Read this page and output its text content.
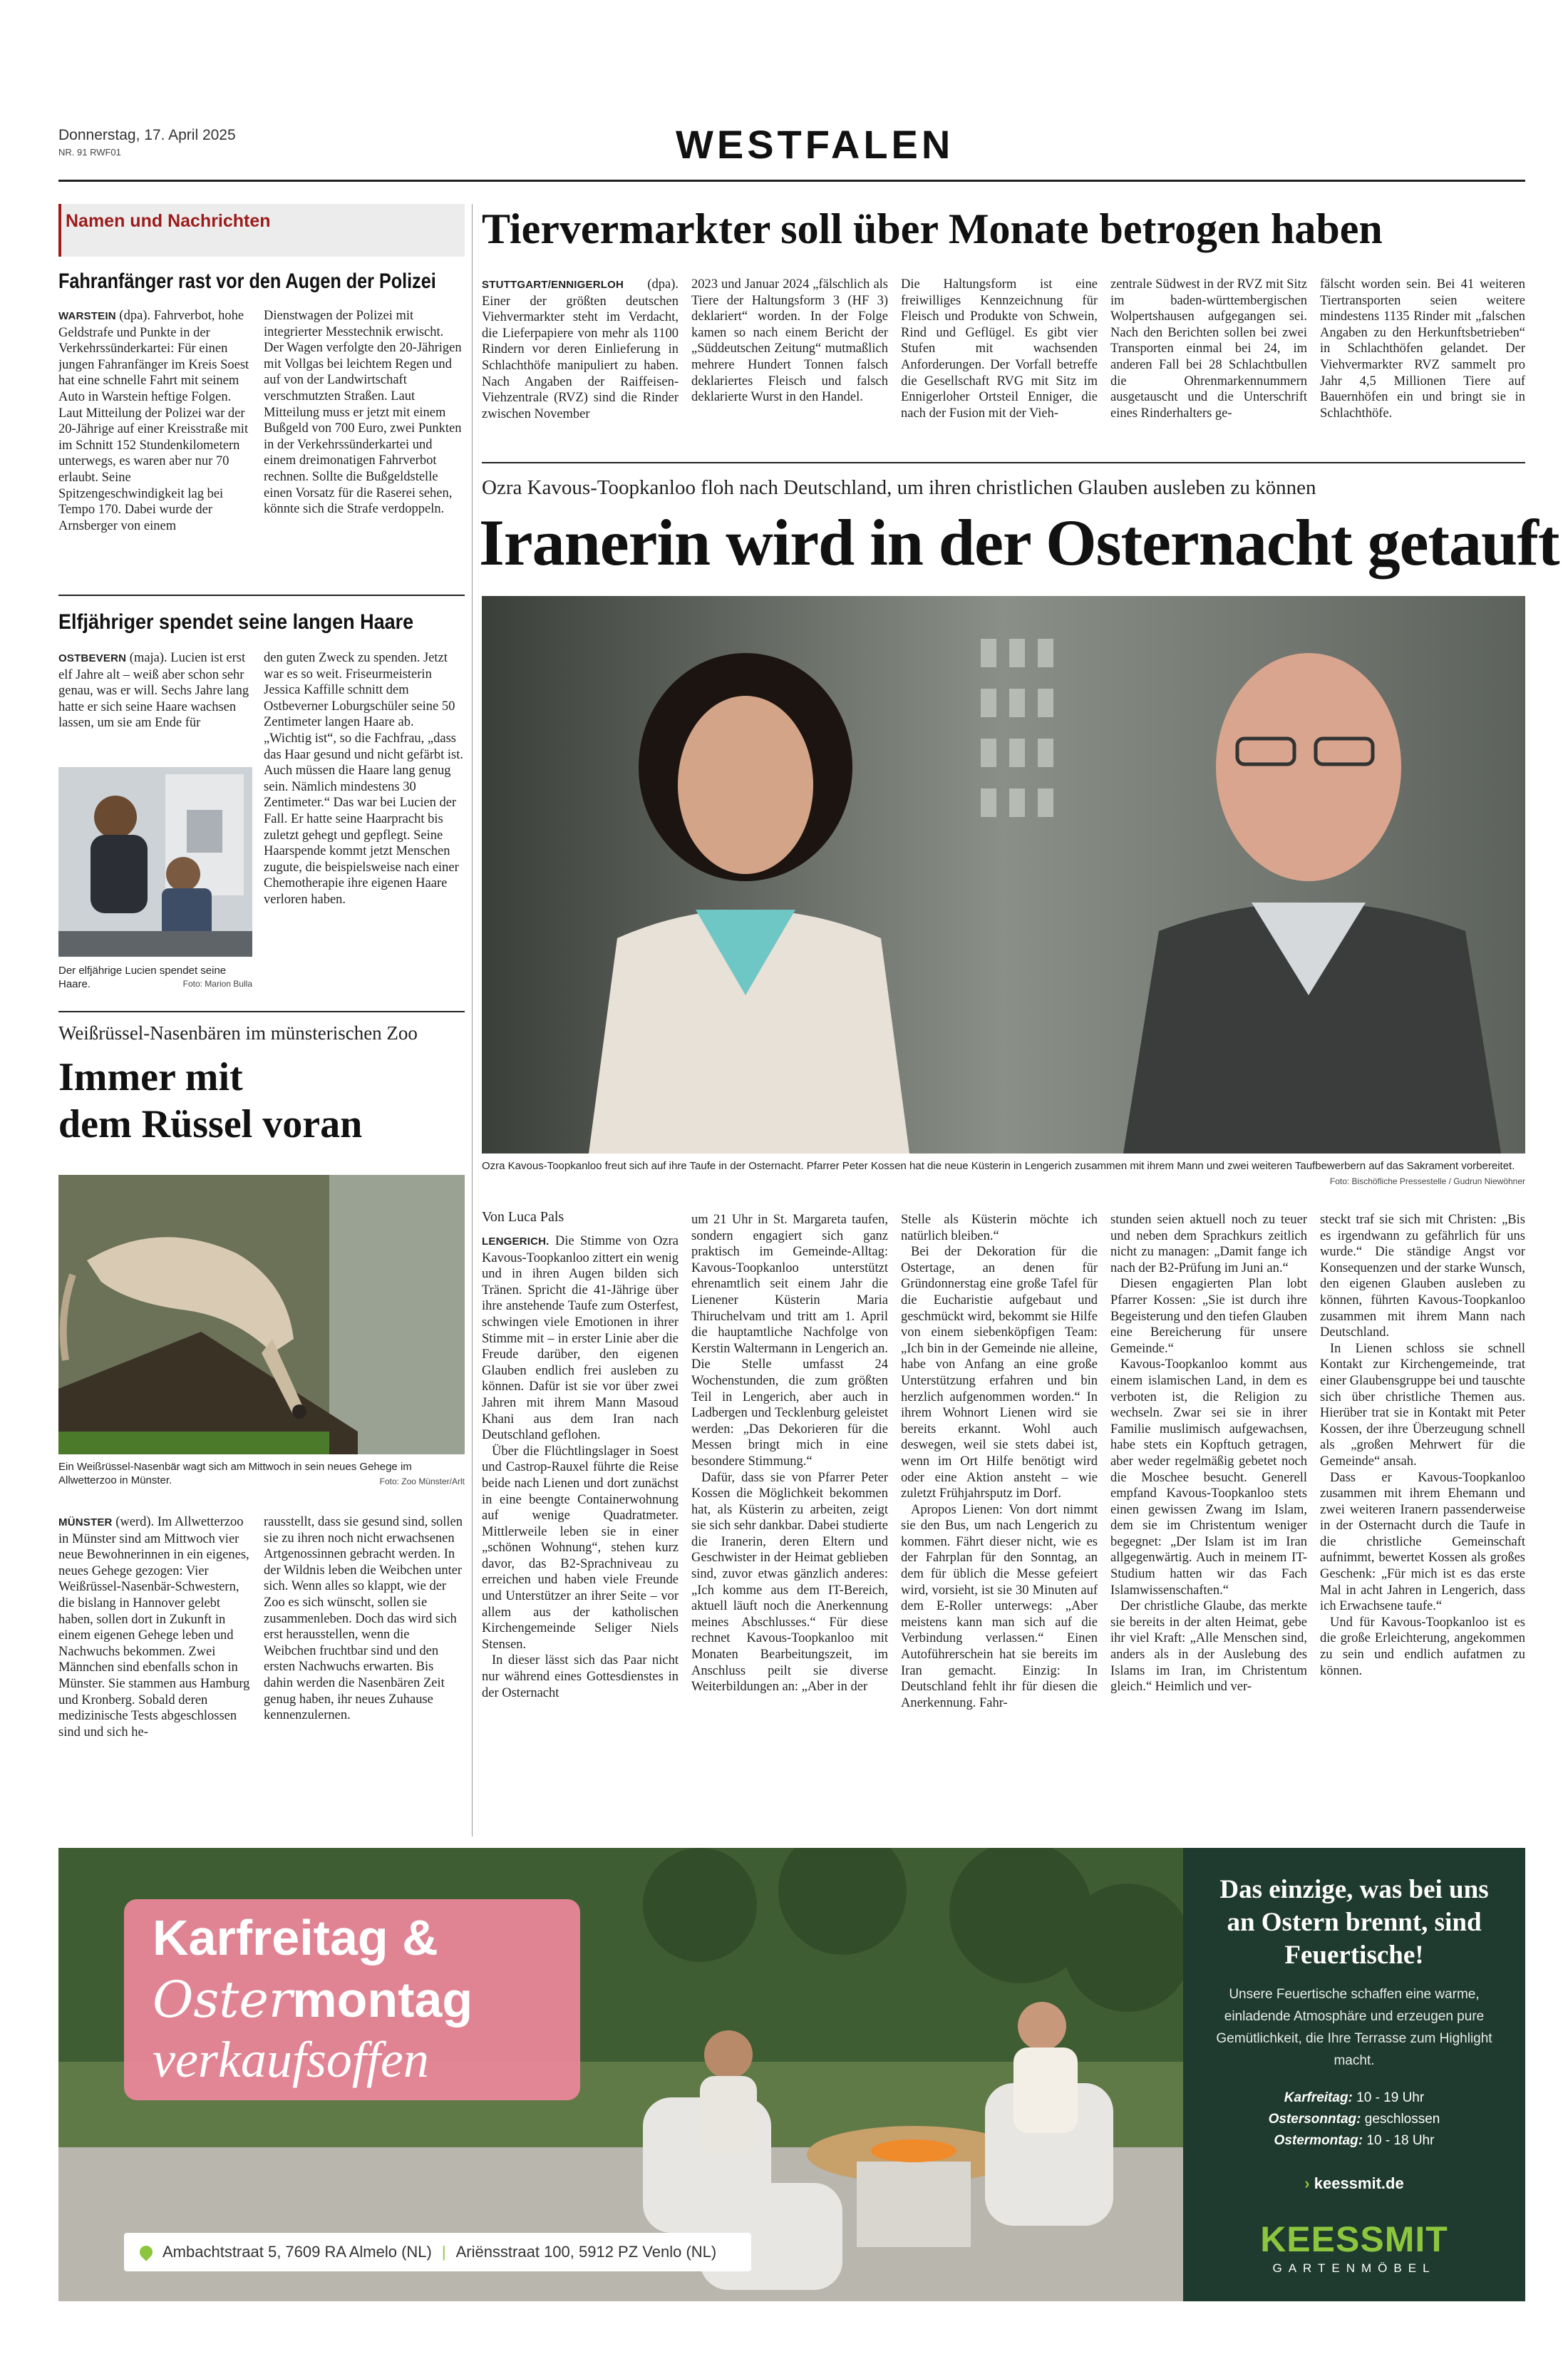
Donnerstag, 17. April 2025
NR. 91 RWF01	WESTFALEN
Namen und Nachrichten
Fahranfänger rast vor den Augen der Polizei
WARSTEIN (dpa). Fahrverbot, hohe Geldstrafe und Punkte in der Verkehrssünderkartei: Für einen jungen Fahranfänger im Kreis Soest hat eine schnelle Fahrt mit seinem Auto in Warstein heftige Folgen. Laut Mitteilung der Polizei war der 20-Jährige auf einer Kreisstraße mit im Schnitt 152 Stundenkilometern unterwegs, es waren aber nur 70 erlaubt. Seine Spitzengeschwindigkeit lag bei Tempo 170. Dabei wurde der Arnsberger von einem
Dienstwagen der Polizei mit integrierter Messtechnik erwischt. Der Wagen verfolgte den 20-Jährigen mit Vollgas bei leichtem Regen und auf von der Landwirtschaft verschmutzten Straßen. Laut Mitteilung muss er jetzt mit einem Bußgeld von 700 Euro, zwei Punkten in der Verkehrssünderkartei und einem dreimonatigen Fahrverbot rechnen. Sollte die Bußgeldstelle einen Vorsatz für die Raserei sehen, könnte sich die Strafe verdoppeln.
Elfjähriger spendet seine langen Haare
OSTBEVERN (maja). Lucien ist erst elf Jahre alt – weiß aber schon sehr genau, was er will. Sechs Jahre lang hatte er sich seine Haare wachsen lassen, um sie am Ende für
Der elfjährige Lucien spendet seine Haare.	Foto: Marion Bulla
den guten Zweck zu spenden. Jetzt war es so weit. Friseurmeisterin Jessica Kaffille schnitt dem Ostbeverner Loburgschüler seine 50 Zentimeter langen Haare ab. „Wichtig ist“, so die Fachfrau, „dass das Haar gesund und nicht gefärbt ist. Auch müssen die Haare lang genug sein. Nämlich mindestens 30 Zentimeter.“ Das war bei Lucien der Fall. Er hatte seine Haarpracht bis zuletzt gehegt und gepflegt. Seine Haarspende kommt jetzt Menschen zugute, die beispielsweise nach einer Chemotherapie ihre eigenen Haare verloren haben.
Weißrüssel-Nasenbären im münsterischen Zoo
Immer mit
dem Rüssel voran
Ein Weißrüssel-Nasenbär wagt sich am Mittwoch in sein neues Gehege im Allwetterzoo in Münster.	Foto: Zoo Münster/Arlt
MÜNSTER (werd). Im Allwetterzoo in Münster sind am Mittwoch vier neue Bewohnerinnen in ein eigenes, neues Gehege gezogen: Vier Weißrüssel-Nasenbär-Schwestern, die bislang in Hannover gelebt haben, sollen dort in Zukunft in einem eigenen Gehege leben und Nachwuchs bekommen. Zwei Männchen sind ebenfalls schon in Münster. Sie stammen aus Hamburg und Kronberg. Sobald deren medizinische Tests abgeschlossen sind und sich he-
rausstellt, dass sie gesund sind, sollen sie zu ihren noch nicht erwachsenen Artgenossinnen gebracht werden. In der Wildnis leben die Weibchen unter sich. Wenn alles so klappt, wie der Zoo es sich wünscht, sollen sie zusammenleben. Doch das wird sich erst herausstellen, wenn die Weibchen fruchtbar sind und den ersten Nachwuchs erwarten. Bis dahin werden die Nasenbären Zeit genug haben, ihr neues Zuhause kennenzulernen.
Tiervermarkter soll über Monate betrogen haben
STUTTGART/ENNIGERLOH (dpa). Einer der größten deutschen Viehvermarkter steht im Verdacht, die Lieferpapiere von mehr als 1100 Rindern vor deren Einlieferung in Schlachthöfe manipuliert zu haben. Nach Angaben der Raiffeisen-Viehzentrale (RVZ) sind die Rinder zwischen November
2023 und Januar 2024 „fälschlich als Tiere der Haltungsform 3 (HF 3) deklariert“ worden. In der Folge kamen so nach einem Bericht der „Süddeutschen Zeitung“ mutmaßlich mehrere Hundert Tonnen falsch deklariertes Fleisch und falsch deklarierte Wurst in den Handel.
Die Haltungsform ist eine freiwilliges Kennzeichnung für Fleisch und Produkte von Schwein, Rind und Geflügel. Es gibt vier Stufen mit wachsenden Anforderungen. Der Vorfall betreffe die Gesellschaft RVG mit Sitz im Ennigerloher Ortsteil Enniger, die nach der Fusion mit der Vieh-
zentrale Südwest in der RVZ mit Sitz im baden-württembergischen Wolpertshausen aufgegangen sei. Nach den Berichten sollen bei zwei Transporten einmal bei 24, im anderen Fall bei 28 Schlachtbullen die Ohrenmarkennummern ausgetauscht und die Unterschrift eines Rinderhalters ge-
fälscht worden sein. Bei 41 weiteren Tiertransporten seien weitere mindestens 1135 Rinder mit „falschen Angaben zu den Herkunftsbetrieben“ in Schlachthöfen gelandet. Der Viehvermarkter RVZ sammelt pro Jahr 4,5 Millionen Tiere auf Bauernhöfen ein und bringt sie in Schlachthöfe.
Ozra Kavous-Toopkanloo floh nach Deutschland, um ihren christlichen Glauben ausleben zu können
Iranerin wird in der Osternacht getauft
Ozra Kavous-Toopkanloo freut sich auf ihre Taufe in der Osternacht. Pfarrer Peter Kossen hat die neue Küsterin in Lengerich zusammen mit ihrem Mann und zwei weiteren Taufbewerbern auf das Sakrament vorbereitet.
Foto: Bischöfliche Pressestelle / Gudrun Niewöhner
Von Luca Pals
LENGERICH. Die Stimme von Ozra Kavous-Toopkanloo zittert ein wenig und in ihren Augen bilden sich Tränen. Spricht die 41-Jährige über ihre anstehende Taufe zum Osterfest, schwingen viele Emotionen in ihrer Stimme mit – in erster Linie aber die Freude darüber, den eigenen Glauben endlich frei ausleben zu können. Dafür ist sie vor über zwei Jahren mit ihrem Mann Masoud Khani aus dem Iran nach Deutschland geflohen.
Über die Flüchtlingslager in Soest und Castrop-Rauxel führte die Reise beide nach Lienen und dort zunächst in eine beengte Containerwohnung auf wenige Quadratmeter. Mittlerweile leben sie in einer „schönen Wohnung“, stehen kurz davor, das B2-Sprachniveau zu erreichen und haben viele Freunde und Unterstützer an ihrer Seite – vor allem aus der katholischen Kirchengemeinde Seliger Niels Stensen.
In dieser lässt sich das Paar nicht nur während eines Gottesdienstes in der Osternacht
um 21 Uhr in St. Margareta taufen, sondern engagiert sich ganz praktisch im Gemeinde-Alltag: Kavous-Toopkanloo unterstützt ehrenamtlich seit einem Jahr die Lienener Küsterin Maria Thiruchelvam und tritt am 1. April die hauptamtliche Nachfolge von Kerstin Waltermann in Lengerich an. Die Stelle umfasst 24 Wochenstunden, die zum größten Teil in Lengerich, aber auch in Ladbergen und Tecklenburg geleistet werden: „Das Dekorieren für die Messen bringt mich in eine besondere Stimmung.“
Dafür, dass sie von Pfarrer Peter Kossen die Möglichkeit bekommen hat, als Küsterin zu arbeiten, zeigt sie sich sehr dankbar. Dabei studierte die Iranerin, deren Eltern und Geschwister in der Heimat geblieben sind, zuvor etwas gänzlich anderes: „Ich komme aus dem IT-Bereich, aktuell läuft noch die Anerkennung meines Abschlusses.“ Für diese rechnet Kavous-Toopkanloo mit Monaten Bearbeitungszeit, im Anschluss peilt sie diverse Weiterbildungen an: „Aber in der
Stelle als Küsterin möchte ich natürlich bleiben.“
Bei der Dekoration für die Ostertage, an denen für Gründonnerstag eine große Tafel für die Eucharistie aufgebaut und geschmückt wird, bekommt sie Hilfe von einem siebenköpfigen Team: „Ich bin in der Gemeinde nie alleine, habe von Anfang an eine große Unterstützung erfahren und bin herzlich aufgenommen worden.“ In ihrem Wohnort Lienen wird sie bereits erkannt. Wohl auch deswegen, weil sie stets dabei ist, wenn im Ort Hilfe benötigt wird oder eine Aktion ansteht – wie zuletzt Frühjahrsputz im Dorf.
Apropos Lienen: Von dort nimmt sie den Bus, um nach Lengerich zu kommen. Fährt dieser nicht, wie es der Fahrplan für den Sonntag, an dem für üblich die Messe gefeiert wird, vorsieht, ist sie 30 Minuten auf dem E-Roller unterwegs: „Aber meistens kann man sich auf die Verbindung verlassen.“ Einen Autoführerschein hat sie bereits im Iran gemacht. Einzig: In Deutschland fehlt ihr für diesen die Anerkennung. Fahr-
stunden seien aktuell noch zu teuer und neben dem Sprachkurs zeitlich nicht zu managen: „Damit fange ich nach der B2-Prüfung im Juni an.“
Diesen engagierten Plan lobt Pfarrer Kossen: „Sie ist durch ihre Begeisterung und den tiefen Glauben eine Bereicherung für unsere Gemeinde.“
Kavous-Toopkanloo kommt aus einem islamischen Land, in dem es verboten ist, die Religion zu wechseln. Zwar sei sie in ihrer Familie muslimisch aufgewachsen, habe stets ein Kopftuch getragen, aber weder regelmäßig gebetet noch die Moschee besucht. Generell empfand Kavous-Toopkanloo stets einen gewissen Zwang im Islam, dem sie im Christentum weniger begegnet: „Der Islam ist im Iran allgegenwärtig. Auch in meinem IT-Studium hatten wir das Fach Islamwissenschaften.“
Der christliche Glaube, das merkte sie bereits in der alten Heimat, gebe ihr viel Kraft: „Alle Menschen sind, anders als in der Auslebung des Islams im Iran, im Christentum gleich.“ Heimlich und ver-
steckt traf sie sich mit Christen: „Bis es irgendwann zu gefährlich für uns wurde.“ Die ständige Angst vor Konsequenzen und der starke Wunsch, den eigenen Glauben ausleben zu können, führten Kavous-Toopkanloo zusammen mit ihrem Mann nach Deutschland.
In Lienen schloss sie schnell Kontakt zur Kirchengemeinde, trat einer Glaubensgruppe bei und tauschte sich über christliche Themen aus. Hierüber trat sie in Kontakt mit Peter Kossen, der ihre Überzeugung schnell als „großen Mehrwert für die Gemeinde“ ansah.
Dass er Kavous-Toopkanloo zusammen mit ihrem Ehemann und zwei weiteren Iranern passenderweise in der Osternacht durch die Taufe in die christliche Gemeinschaft aufnimmt, bewertet Kossen als großes Geschenk: „Für mich ist es das erste Mal in acht Jahren in Lengerich, dass ich Erwachsene taufe.“
Und für Kavous-Toopkanloo ist es die große Erleichterung, angekommen zu sein und endlich aufatmen zu können.
Karfreitag &
Ostermontag
verkaufsoffen
Ambachtstraat 5, 7609 RA Almelo (NL) | Ariënsstraat 100, 5912 PZ Venlo (NL)
Das einzige, was bei uns an Ostern brennt, sind Feuertische!
Unsere Feuertische schaffen eine warme, einladende Atmosphäre und erzeugen pure Gemütlichkeit, die Ihre Terrasse zum Highlight macht.
Karfreitag: 10 - 19 Uhr
Ostersonntag: geschlossen
Ostermontag: 10 - 18 Uhr
› keessmit.de
KEESSMIT
GARTENMÖBEL
